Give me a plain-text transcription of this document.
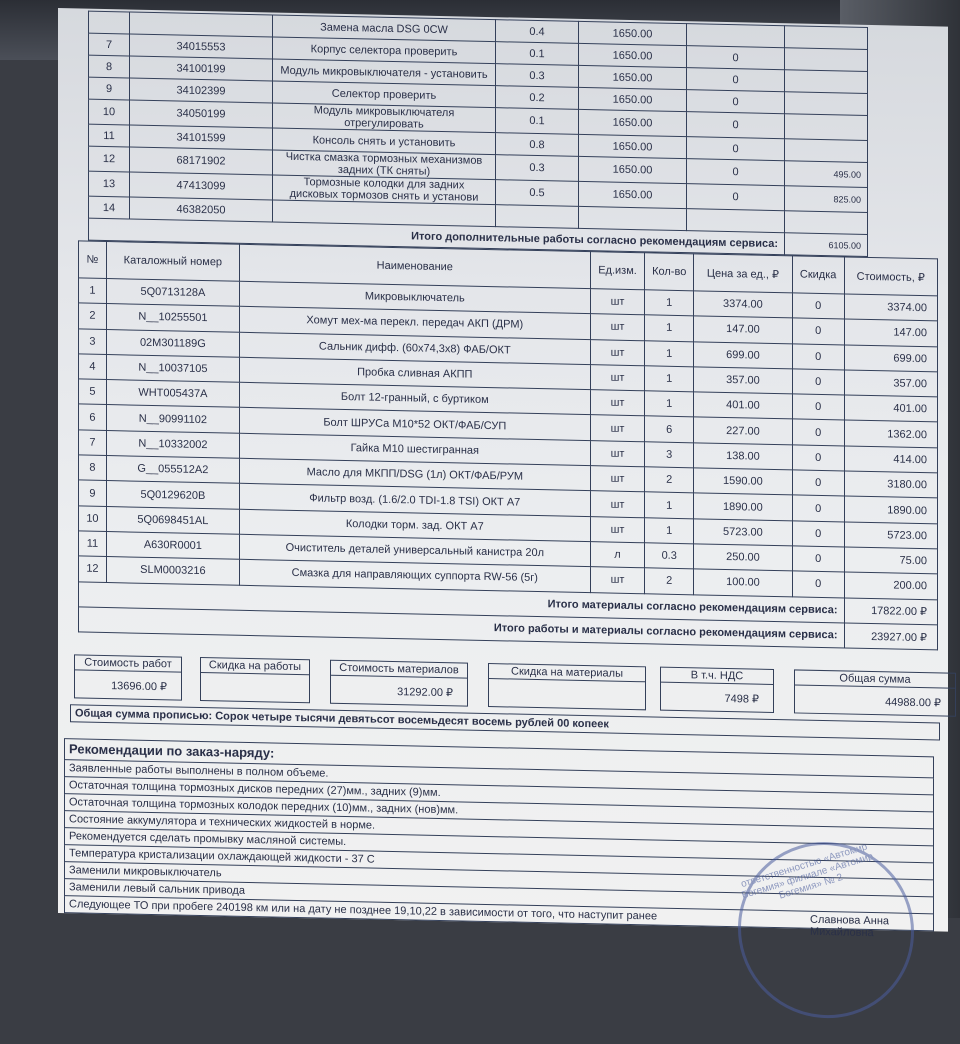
		Замена масла DSG 0CW	0.4	1650.00		
7	34015553	Корпус селектора проверить	0.1	1650.00	0	
8	34100199	Модуль микровыключателя - установить	0.3	1650.00	0	
9	34102399	Селектор проверить	0.2	1650.00	0	
10	34050199	Модуль микровыключателя отрегулировать	0.1	1650.00	0	
11	34101599	Консоль снять и установить	0.8	1650.00	0	
12	68171902	Чистка смазка тормозных механизмов задних (ТК сняты)	0.3	1650.00	0	495.00
13	47413099	Тормозные колодки для задних дисковых тормозов снять и установи	0.5	1650.00	0	825.00
14	46382050					
Итого дополнительные работы согласно рекомендациям сервиса:						6105.00
№	Каталожный номер	Наименование	Ед.изм.	Кол-во	Цена за ед., ₽	Скидка	Стоимость, ₽
1	5Q0713128A	Микровыключатель	шт	1	3374.00	0	3374.00
2	N__10255501	Хомут мех-ма перекл. передач АКП (ДРМ)	шт	1	147.00	0	147.00
3	02M301189G	Сальник дифф. (60х74,3х8) ФАБ/ОКТ	шт	1	699.00	0	699.00
4	N__10037105	Пробка сливная АКПП	шт	1	357.00	0	357.00
5	WHT005437A	Болт 12-гранный, с буртиком	шт	1	401.00	0	401.00
6	N__90991102	Болт ШРУСа М10*52 ОКТ/ФАБ/СУП	шт	6	227.00	0	1362.00
7	N__10332002	Гайка М10 шестигранная	шт	3	138.00	0	414.00
8	G__055512A2	Масло для МКПП/DSG (1л) ОКТ/ФАБ/РУМ	шт	2	1590.00	0	3180.00
9	5Q0129620B	Фильтр возд. (1.6/2.0 TDI-1.8 TSI) ОКТ А7	шт	1	1890.00	0	1890.00
10	5Q0698451AL	Колодки торм. зад. ОКТ А7	шт	1	5723.00	0	5723.00
11	A630R0001	Очиститель деталей универсальный канистра 20л	л	0.3	250.00	0	75.00
12	SLM0003216	Смазка для направляющих суппорта RW-56 (5г)	шт	2	100.00	0	200.00
Итого материалы согласно рекомендациям сервиса:							17822.00 ₽
Итого работы и материалы согласно рекомендациям сервиса:							23927.00 ₽
Стоимость работ
13696.00 ₽
Скидка на работы	Стоимость материалов
31292.00 ₽
Скидка на материалы	В т.ч. НДС
7498 ₽
Общая сумма
44988.00 ₽
Общая сумма прописью: Сорок четыре тысячи девятьсот восемьдесят восемь рублей 00 копеек
Рекомендации по заказ-наряду:
Заявленные работы выполнены в полном объеме.
Остаточная толщина тормозных дисков передних (27)мм., задних (9)мм.
Остаточная толщина тормозных колодок передних (10)мм., задних (нов)мм.
Состояние аккумулятора и технических жидкостей в норме.
Рекомендуется сделать промывку масляной системы.
Температура кристализации охлаждающей жидкости - 37 С
Заменили микровыключатель
Заменили левый сальник привода
Следующее ТО при пробеге 240198 км или на дату не позднее 19,10,22 в зависимости от того, что наступит ранее
ответственностью «Автомир Богемия» филиале «Автомир Богемия» № 2
Славнова Анна Михайловна
